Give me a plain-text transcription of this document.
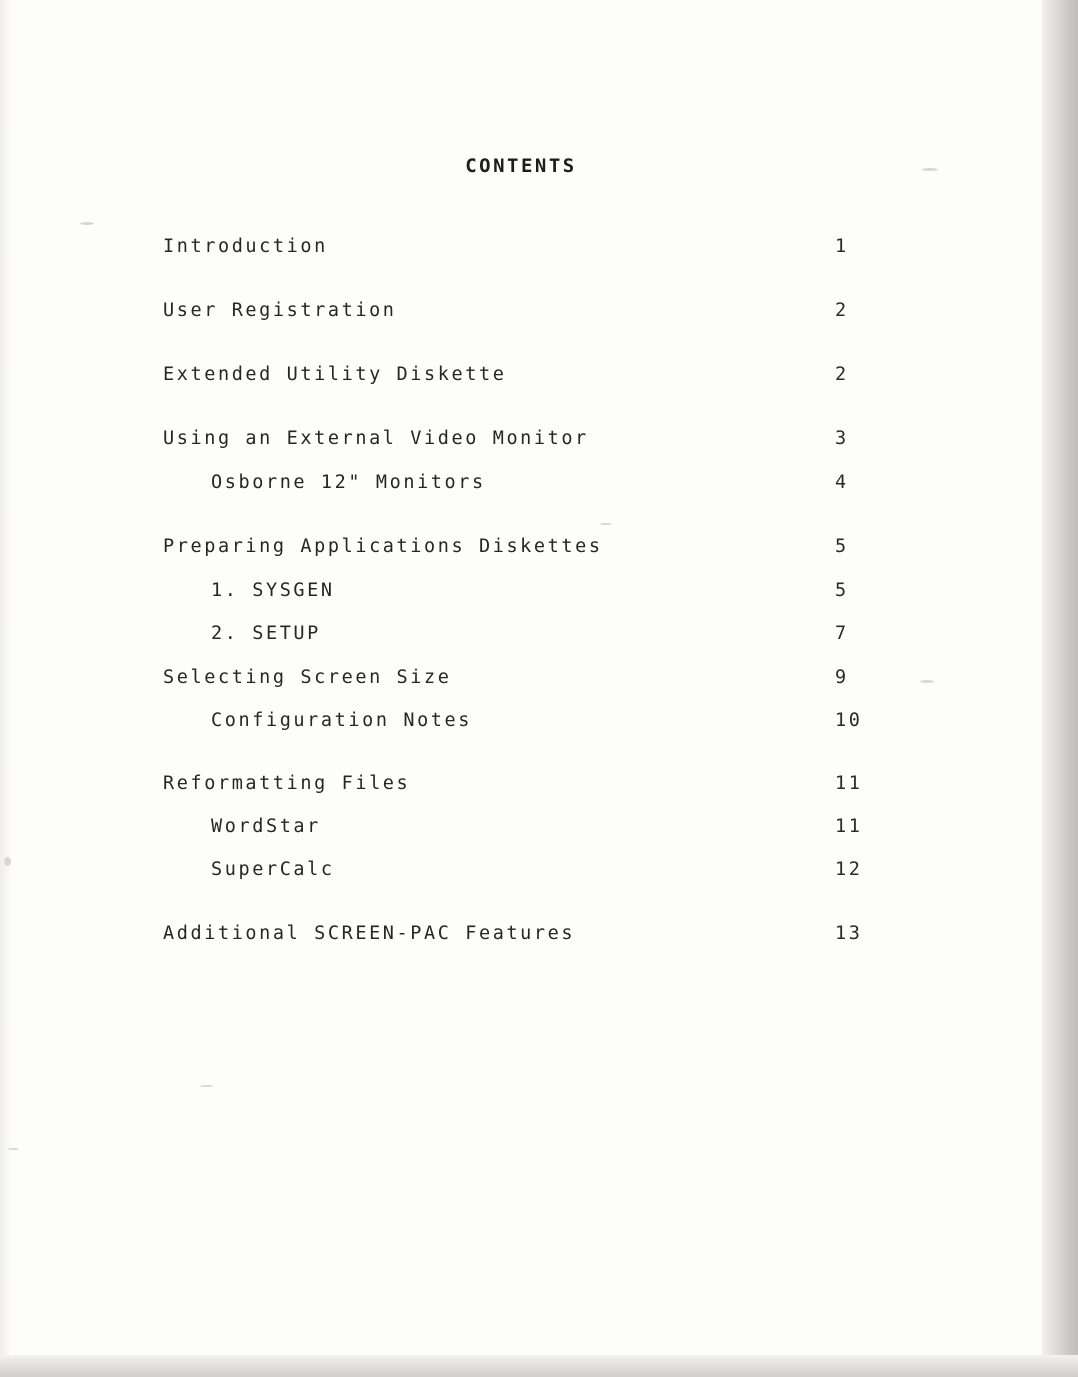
CONTENTS
Introduction	1
User Registration	2
Extended Utility Diskette	2
Using an External Video Monitor	3
Osborne 12" Monitors	4
Preparing Applications Diskettes	5
1. SYSGEN	5
2. SETUP	7
Selecting Screen Size	9
Configuration Notes	10
Reformatting Files	11
WordStar	11
SuperCalc	12
Additional SCREEN-PAC Features	13
